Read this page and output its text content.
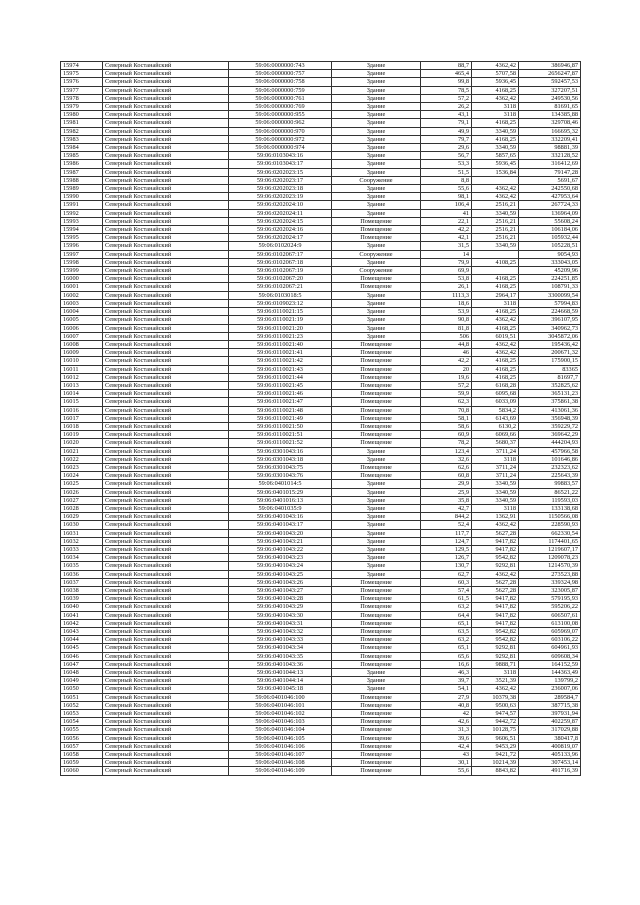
15974	Северный Костанайский	59:06:0000000:743	Здание	88,7	4362,42	386946,87
15975	Северный Костанайский	59:06:0000000:757	Здание	465,4	5707,58	2656247,87
15976	Северный Костанайский	59:06:0000000:758	Здание	99,8	5936,45	592457,53
15977	Северный Костанайский	59:06:0000000:759	Здание	78,5	4168,25	327207,51
15978	Северный Костанайский	59:06:0000000:761	Здание	57,2	4362,42	249530,56
15979	Северный Костанайский	59:06:0000000:769	Здание	26,2	3118	81691,65
15980	Северный Костанайский	59:06:0000000:955	Здание	43,1	3118	134385,88
15981	Северный Костанайский	59:06:0000000:962	Здание	79,1	4168,25	329708,46
15982	Северный Костанайский	59:06:0000000:970	Здание	49,9	3340,59	166695,32
15983	Северный Костанайский	59:06:0000000:972	Здание	79,7	4168,25	332209,41
15984	Северный Костанайский	59:06:0000000:974	Здание	29,6	3340,59	98881,39
15985	Северный Костанайский	59:06:0103043:16	Здание	56,7	5857,65	332128,52
15986	Северный Костанайский	59:06:0103043:17	Здание	53,3	5936,45	316412,69
15987	Северный Костанайский	59:06:0202023:15	Здание	51,5	1536,84	79147,28
15988	Северный Костанайский	59:06:0202023:17	Сооружение	8,8		5691,67
15989	Северный Костанайский	59:06:0202023:18	Здание	55,6	4362,42	242550,68
15990	Северный Костанайский	59:06:0202023:19	Здание	98,1	4362,42	427953,64
15991	Северный Костанайский	59:06:0202024:10	Здание	106,4	2516,21	267724,33
15992	Северный Костанайский	59:06:0202024:11	Здание	41	3340,59	136964,09
15993	Северный Костанайский	59:06:0202024:15	Помещение	22,1	2516,21	55608,24
15994	Северный Костанайский	59:06:0202024:16	Помещение	42,2	2516,21	106184,06
15995	Северный Костанайский	59:06:0202024:17	Помещение	42,1	2516,21	105932,44
15996	Северный Костанайский	59:06:0102024:9	Здание	31,5	3340,59	105228,51
15997	Северный Костанайский	59:06:0102067:17	Сооружение	14		9054,93
15998	Северный Костанайский	59:06:0102067:18	Здание	79,9	4108,25	333043,05
15999	Северный Костанайский	59:06:0102067:19	Сооружение	69,9		45209,96
16000	Северный Костанайский	59:06:0102067:20	Помещение	53,8	4168,25	224251,85
16001	Северный Костанайский	59:06:0102067:21	Помещение	26,1	4168,25	108791,33
16002	Северный Костанайский	59:06:0103018:5	Здание	1113,3	2964,17	3300099,54
16003	Северный Костанайский	59:06:0109023:12	Здание	18,6	3118	57994,83
16004	Северный Костанайский	59:06:0110021:15	Здание	53,9	4168,25	224668,59
16005	Северный Костанайский	59:06:0110021:19	Здание	90,8	4362,42	396107,95
16006	Северный Костанайский	59:06:0110021:20	Здание	81,8	4168,25	340962,73
16007	Северный Костанайский	59:06:0110021:23	Здание	506	6019,51	3045872,06
16008	Северный Костанайский	59:06:0110021:40	Помещение	44,8	4362,42	195436,42
16009	Северный Костанайский	59:06:0110021:41	Помещение	46	4362,42	200671,32
16010	Северный Костанайский	59:06:0110021:42	Помещение	42,2	4168,25	175900,15
16011	Северный Костанайский	59:06:0110021:43	Помещение	20	4168,25	83365
16012	Северный Костанайский	59:06:0110021:44	Помещение	19,6	4168,25	81697,7
16013	Северный Костанайский	59:06:0110021:45	Помещение	57,2	6168,28	352825,62
16014	Северный Костанайский	59:06:0110021:46	Помещение	59,9	6095,68	365131,23
16015	Северный Костанайский	59:06:0110021:47	Помещение	62,3	6033,09	375861,38
16016	Северный Костанайский	59:06:0110021:48	Помещение	70,8	5834,2	413061,36
16017	Северный Костанайский	59:06:0110021:49	Помещение	58,1	6143,69	356948,39
16018	Северный Костанайский	59:06:0110021:50	Помещение	58,6	6130,2	359229,72
16019	Северный Костанайский	59:06:0110021:51	Помещение	60,9	6069,66	369642,29
16020	Северный Костанайский	59:06:0110021:52	Помещение	78,2	5680,37	444204,93
16021	Северный Костанайский	59:06:0301043:16	Здание	123,4	3711,24	457966,58
16022	Северный Костанайский	59:06:0301043:18	Здание	32,6	3118	101646,86
16023	Северный Костанайский	59:06:0301043:75	Помещение	62,6	3711,24	232323,62
16024	Северный Костанайский	59:06:0301043:76	Помещение	60,8	3711,24	225643,39
16025	Северный Костанайский	59:06:0401014:5	Здание	29,9	3340,59	99883,57
16026	Северный Костанайский	59:06:0401015:29	Здание	25,9	3340,59	86521,22
16027	Северный Костанайский	59:06:0401016:13	Здание	35,8	3340,59	119593,03
16028	Северный Костанайский	59:06:0401035:9	Здание	42,7	3118	133138,68
16029	Северный Костанайский	59:06:0401043:16	Здание	844,2	1362,91	1150566,08
16030	Северный Костанайский	59:06:0401043:17	Здание	52,4	4362,42	228590,93
16031	Северный Костанайский	59:06:0401043:20	Здание	117,7	5627,28	662330,54
16032	Северный Костанайский	59:06:0401043:21	Здание	124,7	9417,82	1174401,65
16033	Северный Костанайский	59:06:0401043:22	Здание	129,5	9417,82	1219607,17
16034	Северный Костанайский	59:06:0401043:23	Здание	126,7	9542,82	1209078,23
16035	Северный Костанайский	59:06:0401043:24	Здание	130,7	9292,81	1214570,39
16036	Северный Костанайский	59:06:0401043:25	Здание	62,7	4362,42	273523,88
16037	Северный Костанайский	59:06:0401043:26	Помещение	60,3	5627,28	339324,98
16038	Северный Костанайский	59:06:0401043:27	Помещение	57,4	5627,28	323005,87
16039	Северный Костанайский	59:06:0401043:28	Помещение	61,5	9417,82	579195,93
16040	Северный Костанайский	59:06:0401043:29	Помещение	63,2	9417,82	595206,22
16041	Северный Костанайский	59:06:0401043:30	Помещение	64,4	9417,82	606507,61
16042	Северный Костанайский	59:06:0401043:31	Помещение	65,1	9417,82	613100,08
16043	Северный Костанайский	59:06:0401043:32	Помещение	63,5	9542,82	605969,07
16044	Северный Костанайский	59:06:0401043:33	Помещение	63,2	9542,82	603106,22
16045	Северный Костанайский	59:06:0401043:34	Помещение	65,1	9292,81	604961,93
16046	Северный Костанайский	59:06:0401043:35	Помещение	65,6	9292,81	609608,34
16047	Северный Костанайский	59:06:0401043:36	Помещение	16,6	9888,71	164152,59
16048	Северный Костанайский	59:06:0401044:13	Здание	46,3	3118	144363,49
16049	Северный Костанайский	59:06:0401044:14	Здание	39,7	3521,39	139799,2
16050	Северный Костанайский	59:06:0401045:18	Здание	54,1	4362,42	236007,06
16051	Северный Костанайский	59:06:0401046:100	Помещение	27,9	10379,38	289584,7
16052	Северный Костанайский	59:06:0401046:101	Помещение	40,8	9500,63	387715,38
16053	Северный Костанайский	59:06:0401046:102	Помещение	42	9474,57	397931,94
16054	Северный Костанайский	59:06:0401046:103	Помещение	42,6	9442,72	402259,87
16055	Северный Костанайский	59:06:0401046:104	Помещение	31,3	10128,75	317029,88
16056	Северный Костанайский	59:06:0401046:105	Помещение	39,6	9606,51	380417,8
16057	Северный Костанайский	59:06:0401046:106	Помещение	42,4	9453,29	400819,07
16058	Северный Костанайский	59:06:0401046:107	Помещение	43	9421,72	405133,96
16059	Северный Костанайский	59:06:0401046:108	Помещение	30,1	10214,39	307453,14
16060	Северный Костанайский	59:06:0401046:109	Помещение	55,6	8843,82	491716,39
